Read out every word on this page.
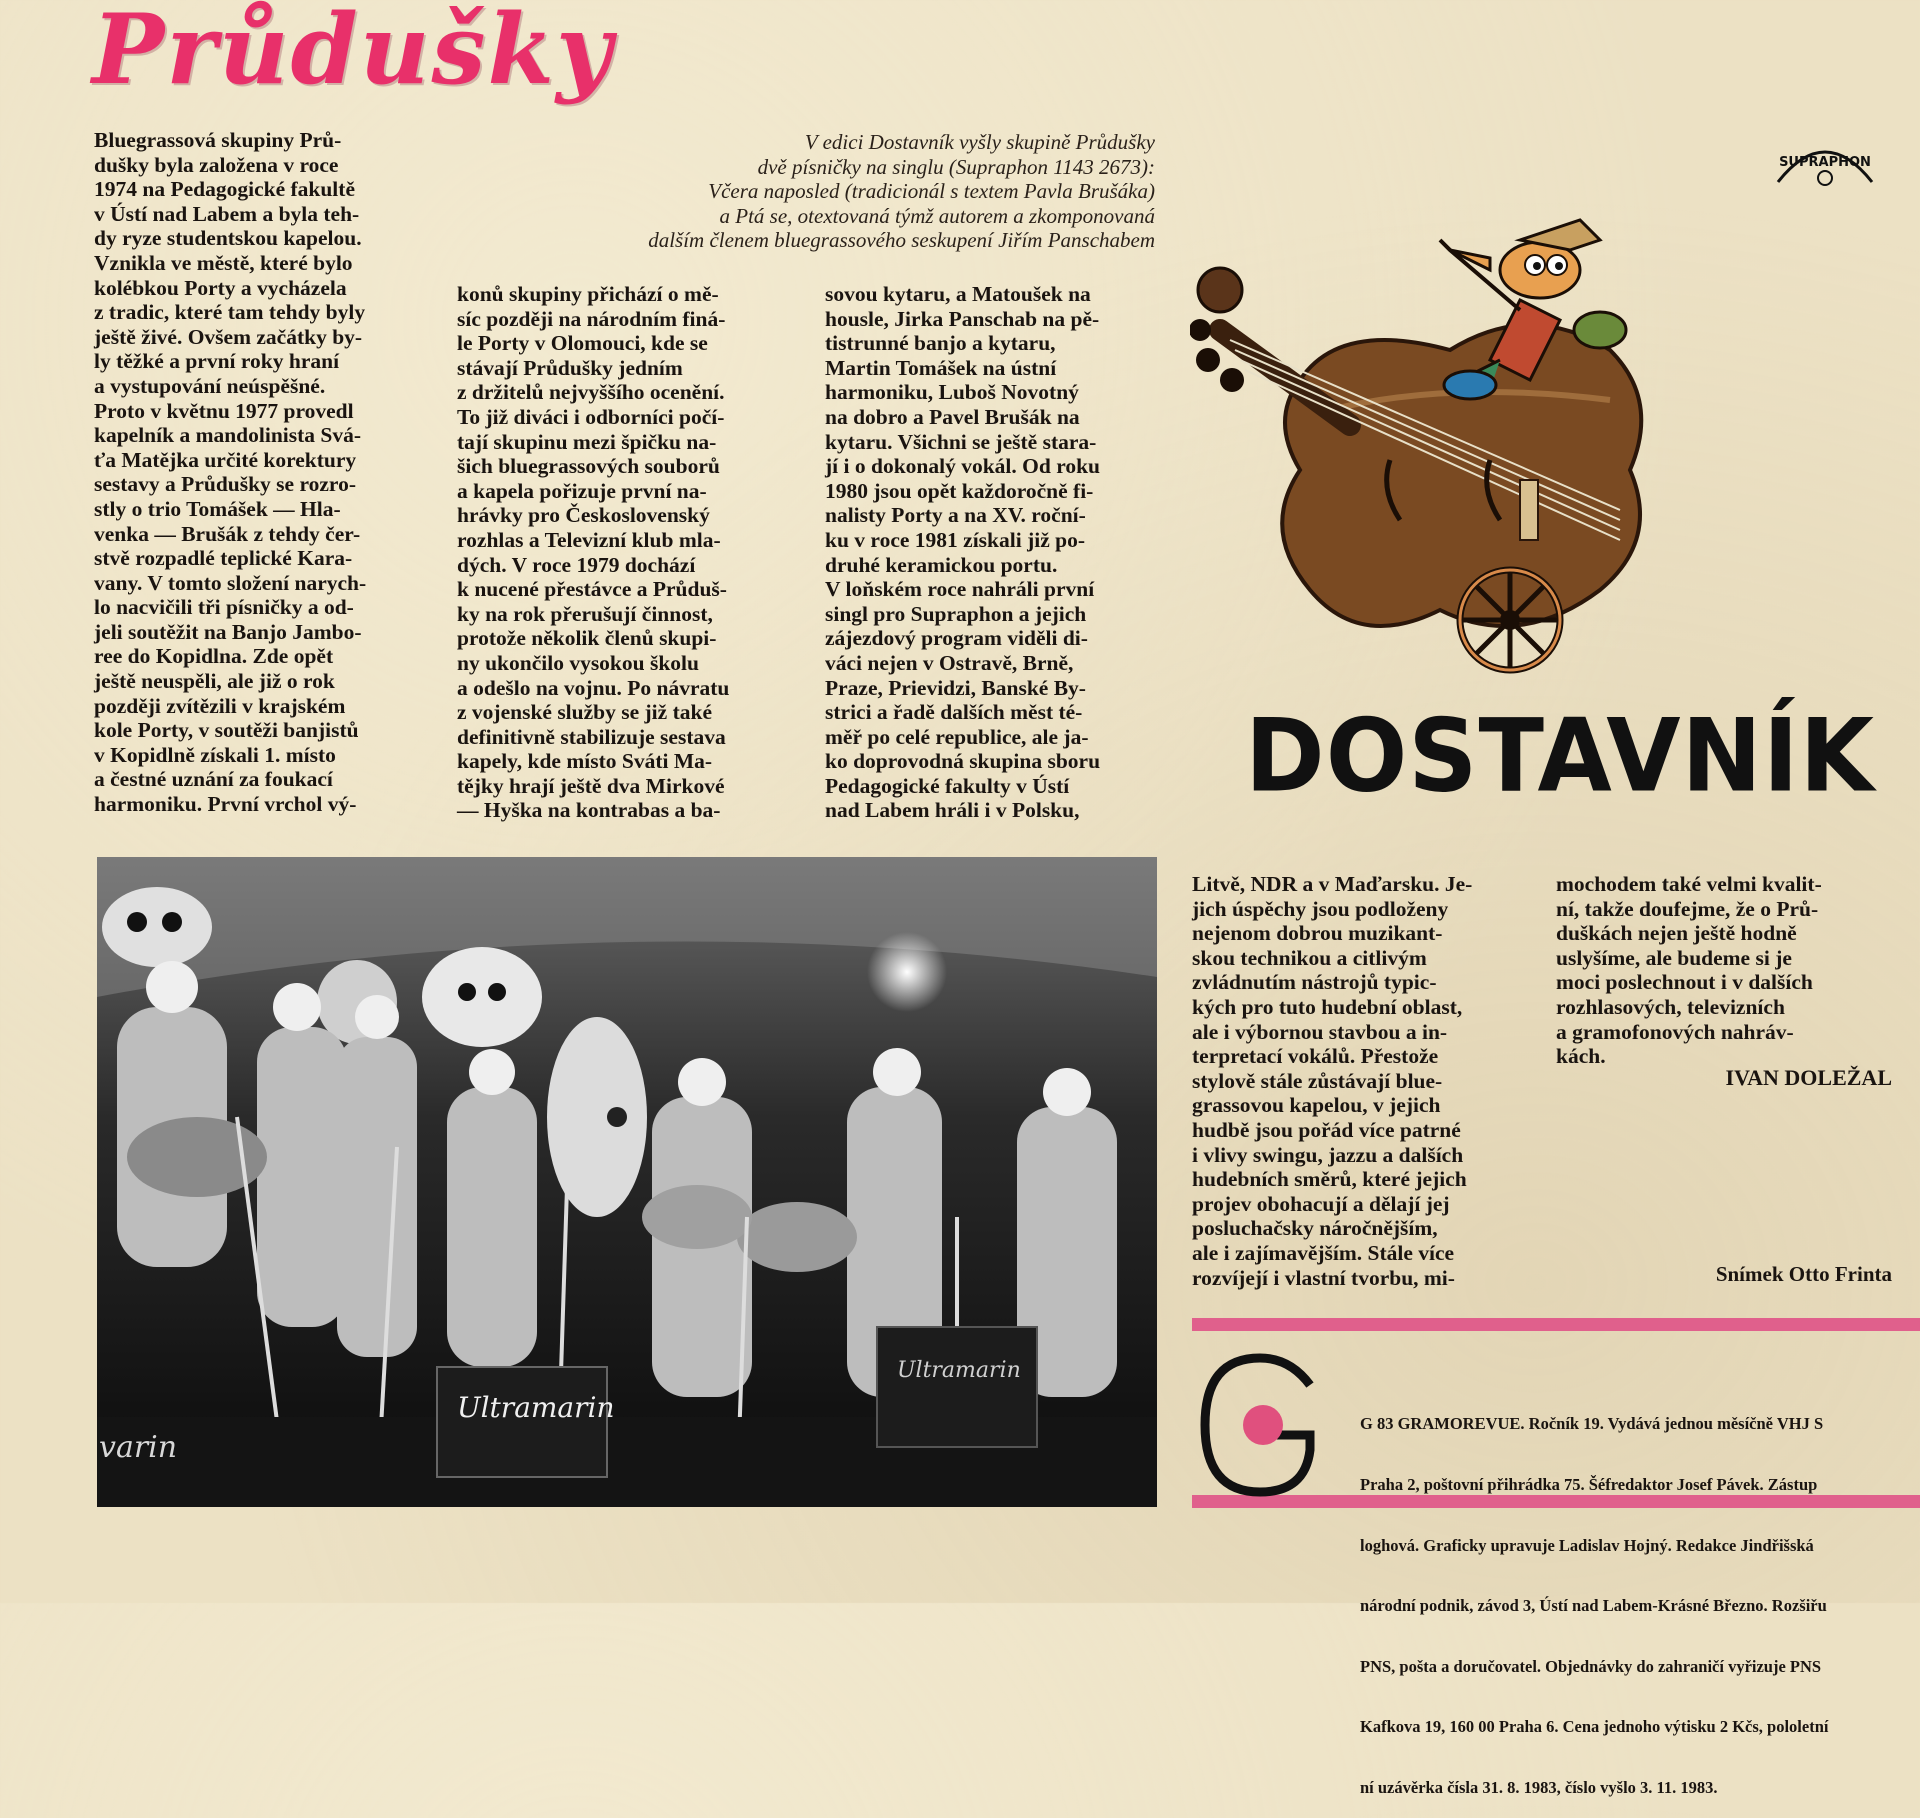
Průdušky
V edici Dostavník vyšly skupině Průdušky
dvě písničky na singlu (Supraphon 1143 2673):
Včera naposled (tradicionál s textem Pavla Brušáka)
a Ptá se, otextovaná týmž autorem a zkomponovaná
dalším členem bluegrassového seskupení Jiřím Panschabem
Bluegrassová skupiny Prů-
dušky byla založena v roce
1974 na Pedagogické fakultě
v Ústí nad Labem a byla teh-
dy ryze studentskou kapelou.
Vznikla ve městě, které bylo
kolébkou Porty a vycházela
z tradic, které tam tehdy byly
ještě živé. Ovšem začátky by-
ly těžké a první roky hraní
a vystupování neúspěšné.
Proto v květnu 1977 provedl
kapelník a mandolinista Svá-
ťa Matějka určité korektury
sestavy a Průdušky se rozro-
stly o trio Tomášek — Hla-
venka — Brušák z tehdy čer-
stvě rozpadlé teplické Kara-
vany. V tomto složení narych-
lo nacvičili tři písničky a od-
jeli soutěžit na Banjo Jambo-
ree do Kopidlna. Zde opět
ještě neuspěli, ale již o rok
později zvítězili v krajském
kole Porty, v soutěži banjistů
v Kopidlně získali 1. místo
a čestné uznání za foukací
harmoniku. První vrchol vý-
konů skupiny přichází o mě-
síc později na národním finá-
le Porty v Olomouci, kde se
stávají Průdušky jedním
z držitelů nejvyššího ocenění.
To již diváci i odborníci počí-
tají skupinu mezi špičku na-
šich bluegrassových souborů
a kapela pořizuje první na-
hrávky pro Československý
rozhlas a Televizní klub mla-
dých. V roce 1979 dochází
k nucené přestávce a Průduš-
ky na rok přerušují činnost,
protože několik členů skupi-
ny ukončilo vysokou školu
a odešlo na vojnu. Po návratu
z vojenské služby se již také
definitivně stabilizuje sestava
kapely, kde místo Sváti Ma-
tějky hrají ještě dva Mirkové
— Hyška na kontrabas a ba-
sovou kytaru, a Matoušek na
housle, Jirka Panschab na pě-
tistrunné banjo a kytaru,
Martin Tomášek na ústní
harmoniku, Luboš Novotný
na dobro a Pavel Brušák na
kytaru. Všichni se ještě stara-
jí i o dokonalý vokál. Od roku
1980 jsou opět každoročně fi-
nalisty Porty a na XV. roční-
ku v roce 1981 získali již po-
druhé keramickou portu.
V loňském roce nahráli první
singl pro Supraphon a jejich
zájezdový program viděli di-
váci nejen v Ostravě, Brně,
Praze, Prievidzi, Banské By-
strici a řadě dalších měst té-
měř po celé republice, ale ja-
ko doprovodná skupina sboru
Pedagogické fakulty v Ústí
nad Labem hráli i v Polsku,
Litvě, NDR a v Maďarsku. Je-
jich úspěchy jsou podloženy
nejenom dobrou muzikant-
skou technikou a citlivým
zvládnutím nástrojů typic-
kých pro tuto hudební oblast,
ale i výbornou stavbou a in-
terpretací vokálů. Přestože
stylově stále zůstávají blue-
grassovou kapelou, v jejich
hudbě jsou pořád více patrné
i vlivy swingu, jazzu a dalších
hudebních směrů, které jejich
projev obohacují a dělají jej
posluchačsky náročnějším,
ale i zajímavějším. Stále více
rozvíjejí i vlastní tvorbu, mi-
mochodem také velmi kvalit-
ní, takže doufejme, že o Prů-
duškách nejen ještě hodně
uslyšíme, ale budeme si je
moci poslechnout i v dalších
rozhlasových, televizních
a gramofonových nahráv-
kách.
IVAN DOLEŽAL
Snímek Otto Frinta
SUPRAPHON
DOSTAVNÍK
Ultramarin
Ultramarin
varin

G 83 GRAMOREVUE. Ročník 19. Vydává jednou měsíčně VHJ S

Praha 2, poštovní přihrádka 75. Šéfredaktor Josef Pávek. Zástup

loghová. Graficky upravuje Ladislav Hojný. Redakce Jindřišská

národní podnik, závod 3, Ústí nad Labem-Krásné Březno. Rozšiřu

PNS, pošta a doručovatel. Objednávky do zahraničí vyřizuje PNS

Kafkova 19, 160 00 Praha 6. Cena jednoho výtisku 2 Kčs, pololetní

ní uzávěrka čísla 31. 8. 1983, číslo vyšlo 3. 11. 1983.
